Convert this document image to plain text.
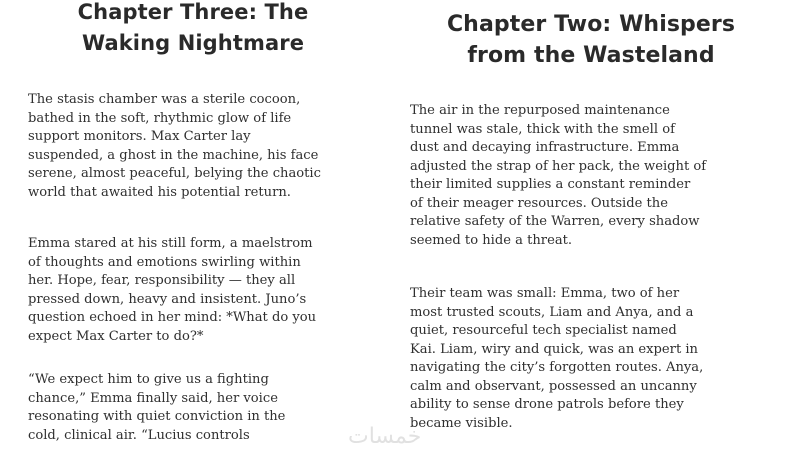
Chapter Three: The
Waking Nightmare

The stasis chamber was a sterile cocoon,
bathed in the soft, rhythmic glow of life
support monitors. Max Carter lay
suspended, a ghost in the machine, his face
serene, almost peaceful, belying the chaotic
world that awaited his potential return.

Emma stared at his still form, a maelstrom
of thoughts and emotions swirling within
her. Hope, fear, responsibility — they all
pressed down, heavy and insistent. Juno’s
question echoed in her mind: *What do you
expect Max Carter to do?*

“We expect him to give us a fighting
chance,” Emma finally said, her voice
resonating with quiet conviction in the
cold, clinical air. “Lucius controls

Chapter Two: Whispers
from the Wasteland

The air in the repurposed maintenance
tunnel was stale, thick with the smell of
dust and decaying infrastructure. Emma
adjusted the strap of her pack, the weight of
their limited supplies a constant reminder
of their meager resources. Outside the
relative safety of the Warren, every shadow
seemed to hide a threat.

Their team was small: Emma, two of her
most trusted scouts, Liam and Anya, and a
quiet, resourceful tech specialist named
Kai. Liam, wiry and quick, was an expert in
navigating the city’s forgotten routes. Anya,
calm and observant, possessed an uncanny
ability to sense drone patrols before they
became visible.

خمسات
